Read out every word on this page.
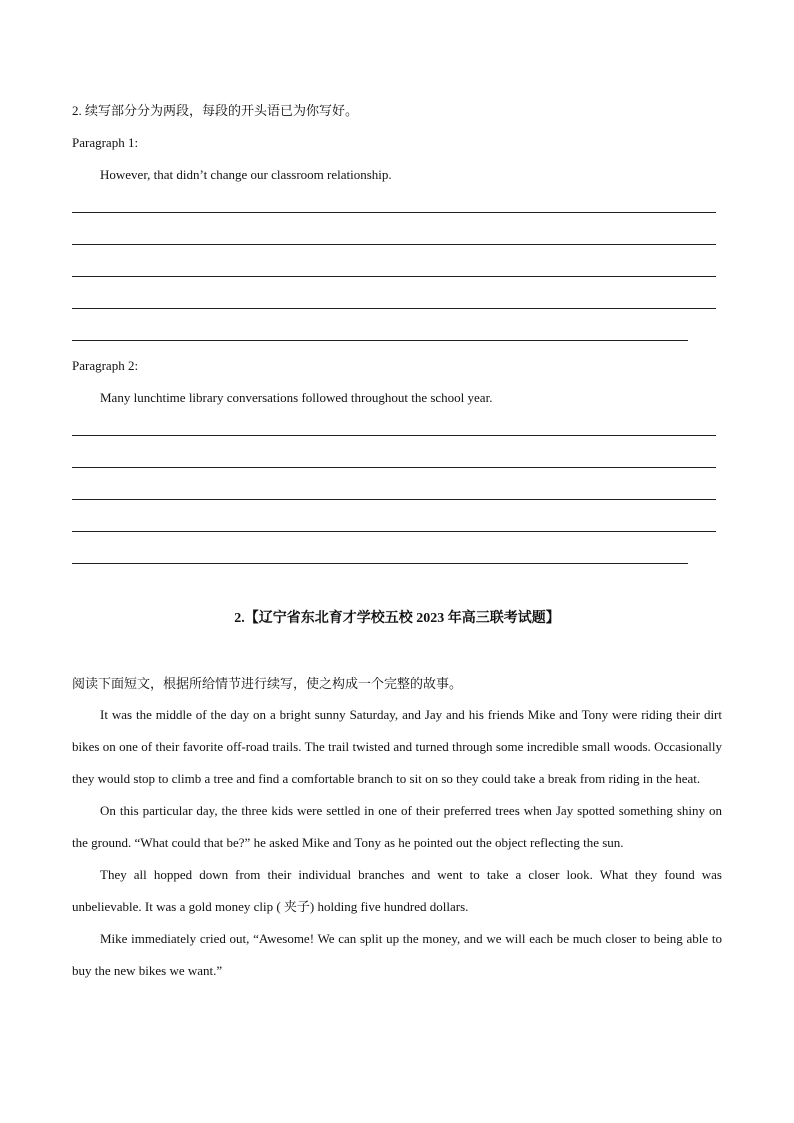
2. 续写部分分为两段，每段的开头语已为你写好。
Paragraph 1:
However, that didn’t change our classroom relationship.
Paragraph 2:
Many lunchtime library conversations followed throughout the school year.
2.【辽宁省东北育才学校五校 2023 年高三联考试题】
阅读下面短文，根据所给情节进行续写，使之构成一个完整的故事。

It was the middle of the day on a bright sunny Saturday, and Jay and his friends Mike and Tony were riding their dirt bikes on one of their favorite off-road trails. The trail twisted and turned through some incredible small woods. Occasionally they would stop to climb a tree and find a comfortable branch to sit on so they could take a break from riding in the heat.

On this particular day, the three kids were settled in one of their preferred trees when Jay spotted something shiny on the ground. “What could that be?” he asked Mike and Tony as he pointed out the object reflecting the sun.

They all hopped down from their individual branches and went to take a closer look. What they found was unbelievable. It was a gold money clip ( 夹子) holding five hundred dollars.

Mike immediately cried out, “Awesome! We can split up the money, and we will each be much closer to being able to buy the new bikes we want.”
